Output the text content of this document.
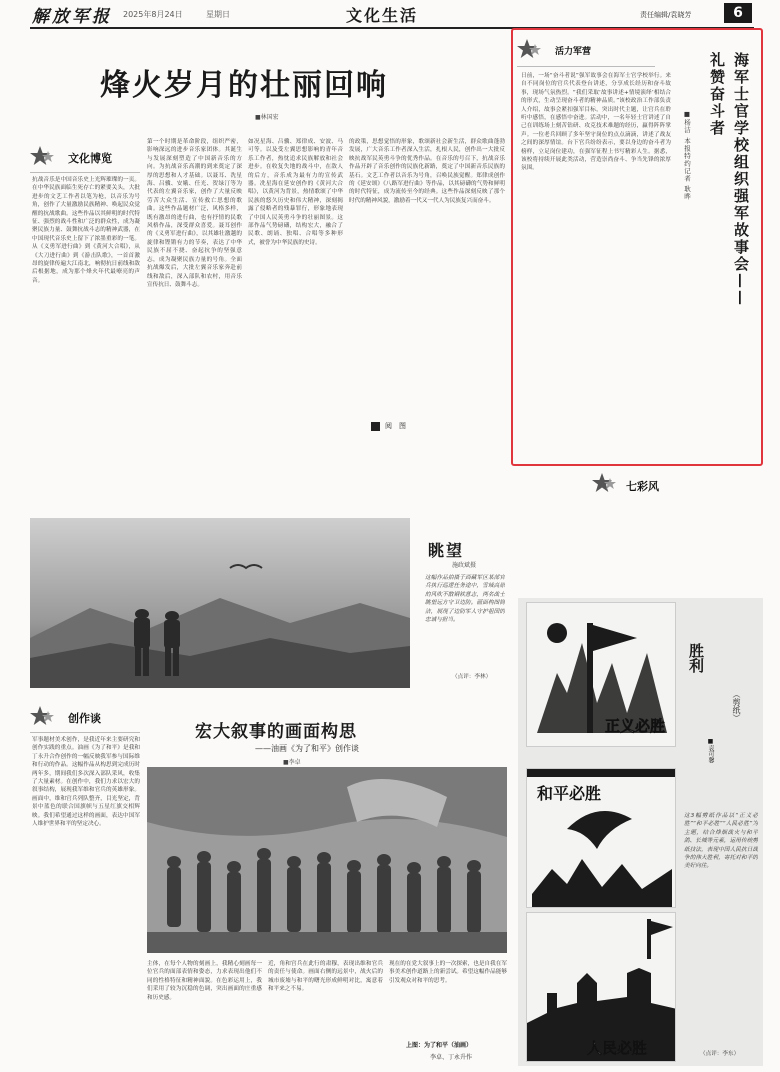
解放军报 2025年8月24日	星期日	文化生活	责任编辑/袁晓芳	6
烽火岁月的壮丽回响
■林国宏
文化博览
抗战音乐是中国音乐史上光辉璀璨的一页。在中华民族面临生死存亡的紧要关头，大批进步的文艺工作者以笔为枪，以音乐为号角，创作了大量激励民族精神、唤起民众觉醒的抗战歌曲。这些作品以其鲜明的时代特征、强烈的战斗性和广泛的群众性，成为凝聚民族力量、鼓舞抗战斗志的精神武器，在中国现代音乐史上留下了浓墨重彩的一笔。从《义勇军进行曲》到《黄河大合唱》，从《大刀进行曲》到《游击队歌》，一首首激昂的旋律传遍大江南北，响彻抗日前线和敌后根据地，成为那个烽火年代最嘹亮的声音。
第一个时期是革命阶段，组织严密，影响深远的进步音乐家团体。其诞生与发展深刻塑造了中国新音乐的方向。为抗战音乐高潮的到来奠定了深厚的思想和人才基础。以聂耳、冼星海、吕骥、安娥、任光、贺绿汀等为代表的左翼音乐家，创作了大量反映劳苦大众生活、宣传救亡思想的歌曲。这些作品题材广泛，风格多样，既有激昂的进行曲，也有抒情的民歌风格作品，深受群众喜爱。聂耳创作的《义勇军进行曲》，以其雄壮激越的旋律和铿锵有力的节奏，表达了中华民族不屈不挠、奋起抗争的坚强意志，成为凝聚民族力量的号角。全面抗战爆发后，大批左翼音乐家奔赴前线和敌后，深入部队和农村，用音乐宣传抗日、鼓舞斗志。
如况星海、吕骥、郑律成、安波、马可等。以及受左翼思想影响的青年音乐工作者，热忱追求民族解放和社会进步。在收复失地的战斗中，在敌人的后方，音乐成为最有力的宣传武器。冼星海在延安创作的《黄河大合唱》，以黄河为背景，热情歌颂了中华民族的悠久历史和伟大精神，深刻揭露了侵略者的残暴罪行，形象地表现了中国人民英勇斗争的壮丽图景。这部作品气势磅礴，结构宏大，融合了民歌、朗诵、独唱、合唱等多种形式，被誉为中华民族的史诗。
的政策，思想觉悟的形象，歌颂新社会新生活，群众歌曲蓬勃发展，广大音乐工作者深入生活，扎根人民，创作出一大批反映抗战军民英勇斗争的优秀作品。在音乐的号召下，抗战音乐作品开辟了音乐创作的民族化新路，奠定了中国新音乐民族的基石。文艺工作者以音乐为号角，召唤民族觉醒。郑律成创作的《延安颂》《八路军进行曲》等作品，以其磅礴的气势和鲜明的时代特征，成为流传至今的经典。这些作品深刻反映了那个时代的精神风貌，激励着一代又一代人为民族复兴而奋斗。
阅　图
眺望
施政斌摄
这幅作品拍摄于西藏军区某部官兵执行巡逻任务途中，雪域高原的风吹不散钢铁意志，两名战士眺望远方守卫边防。画面构图简洁，展现了边防军人守护祖国的忠诚与担当。
（点评：李林）
创作谈
军事题材美术创作，是我近年来主要研究和创作实践的重点。油画《为了和平》是我和丁永升合作创作的一幅反映我军参与国际维和行动的作品。这幅作品从构思到完成历时两年多，期间我们多次深入部队采风，收集了大量素材。在创作中，我们力求以宏大的叙事结构，展现我军维和官兵的英雄形象。画面中，维和官兵列队整齐，目光坚定，背景中蓝色的联合国旗帜与五星红旗交相辉映。我们希望通过这样的画面，表达中国军人维护世界和平的坚定决心。
宏大叙事的画面构思
——油画《为了和平》创作谈
■李卓
主体，在每个人物的刻画上，我精心刻画每一位官兵的面部表情和姿态，力求表现出他们不同的性格特征和精神面貌。在色彩运用上，我们采用了较为沉稳的色调，突出画面的庄重感和历史感。
近，角和宫兵在此行的肃穆，表现出维和官兵的责任与使命。画面右侧的远景中，战火后的城市废墟与和平的曙光形成鲜明对比，寓意着和平来之不易。
现在的在党大叙事上的一次探索，也是自我在军事美术创作道路上的新尝试。希望这幅作品能够引发观众对和平的思考。
上图：为了和平（油画）
李卓、丁永升作
活力军营	海军士官学校组织强军故事会——礼赞奋斗者
■杨洁 本报特约记者 耿晔
日前，一场“奋斗者说”强军故事会在海军士官学校举行。来自不同岗位的官兵代表登台讲述，分享成长经历和奋斗故事，现场气氛热烈。“我们采取‘故事讲述+情境演绎’相结合的形式，生动呈现奋斗者的精神品质。”该校政治工作部负责人介绍，故事会紧扣强军目标，突出时代主题，让官兵在聆听中感悟，在感悟中奋进。活动中，一名年轻士官讲述了自己在训练场上刻苦钻研、攻克技术难题的经历，赢得阵阵掌声。一位老兵回顾了多年坚守岗位的点点滴滴，讲述了战友之间的深厚情谊。台下官兵纷纷表示，要以身边的奋斗者为榜样，立足岗位建功，在强军征程上书写精彩人生。据悉，该校将持续开展此类活动，营造崇尚奋斗、争当先锋的浓厚氛围。
七彩风
正义必胜
和平必胜
人民必胜
（剪纸）
■袁可馨
这3幅剪纸作品以“正义必胜”“和平必胜”“人民必胜”为主题，结合烽烟战火与和平鸽、长城等元素，运用传统剪纸技法，表现中国人民抗日战争的伟大胜利，寄托对和平的美好向往。
（点评：李东）
